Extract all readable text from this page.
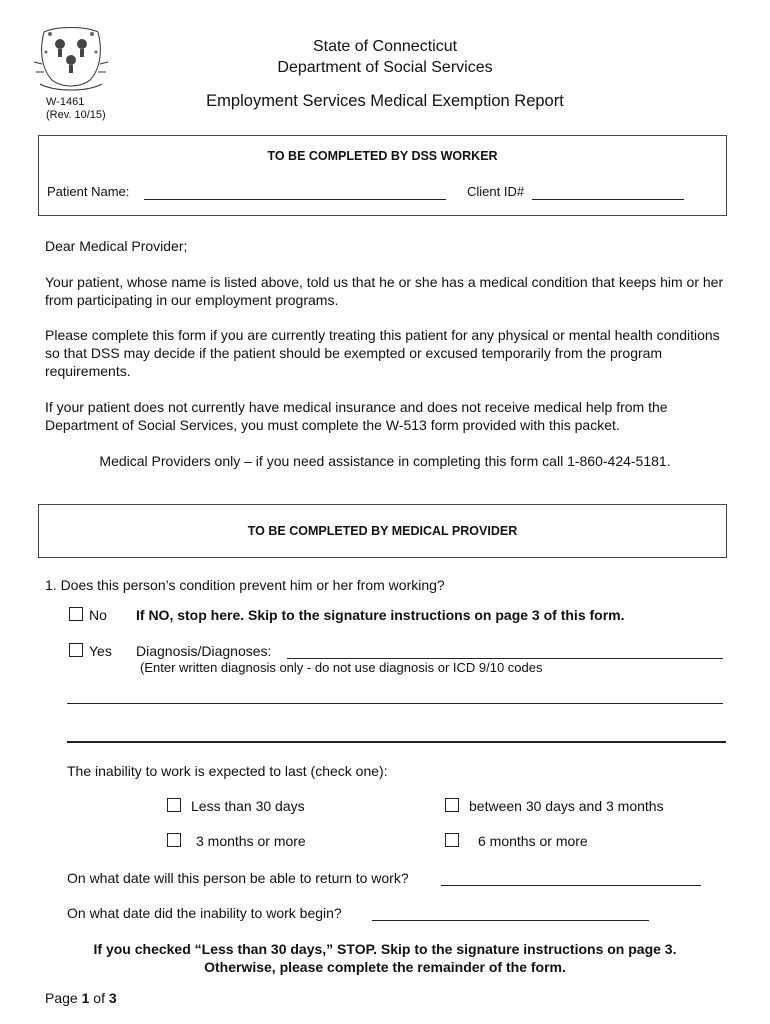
W-1461
(Rev. 10/15)
State of Connecticut
Department of Social Services
Employment Services Medical Exemption Report
TO BE COMPLETED BY DSS WORKER
Patient Name:	Client ID#
Dear Medical Provider;
Your patient, whose name is listed above, told us that he or she has a medical condition that keeps him or her from participating in our employment programs.
Please complete this form if you are currently treating this patient for any physical or mental health conditions so that DSS may decide if the patient should be exempted or excused temporarily from the program requirements.
If your patient does not currently have medical insurance and does not receive medical help from the Department of Social Services, you must complete the W-513 form provided with this packet.
Medical Providers only – if you need assistance in completing this form call 1-860-424-5181.
TO BE COMPLETED BY MEDICAL PROVIDER
1. Does this person’s condition prevent him or her from working?
No If NO, stop here. Skip to the signature instructions on page 3 of this form.
Yes Diagnosis/Diagnoses:
(Enter written diagnosis only - do not use diagnosis or ICD 9/10 codes
The inability to work is expected to last (check one):
Less than 30 days	between 30 days and 3 months
3 months or more	6 months or more
On what date will this person be able to return to work?
On what date did the inability to work begin?
If you checked “Less than 30 days,” STOP. Skip to the signature instructions on page 3.
Otherwise, please complete the remainder of the form.
Page 1 of 3
